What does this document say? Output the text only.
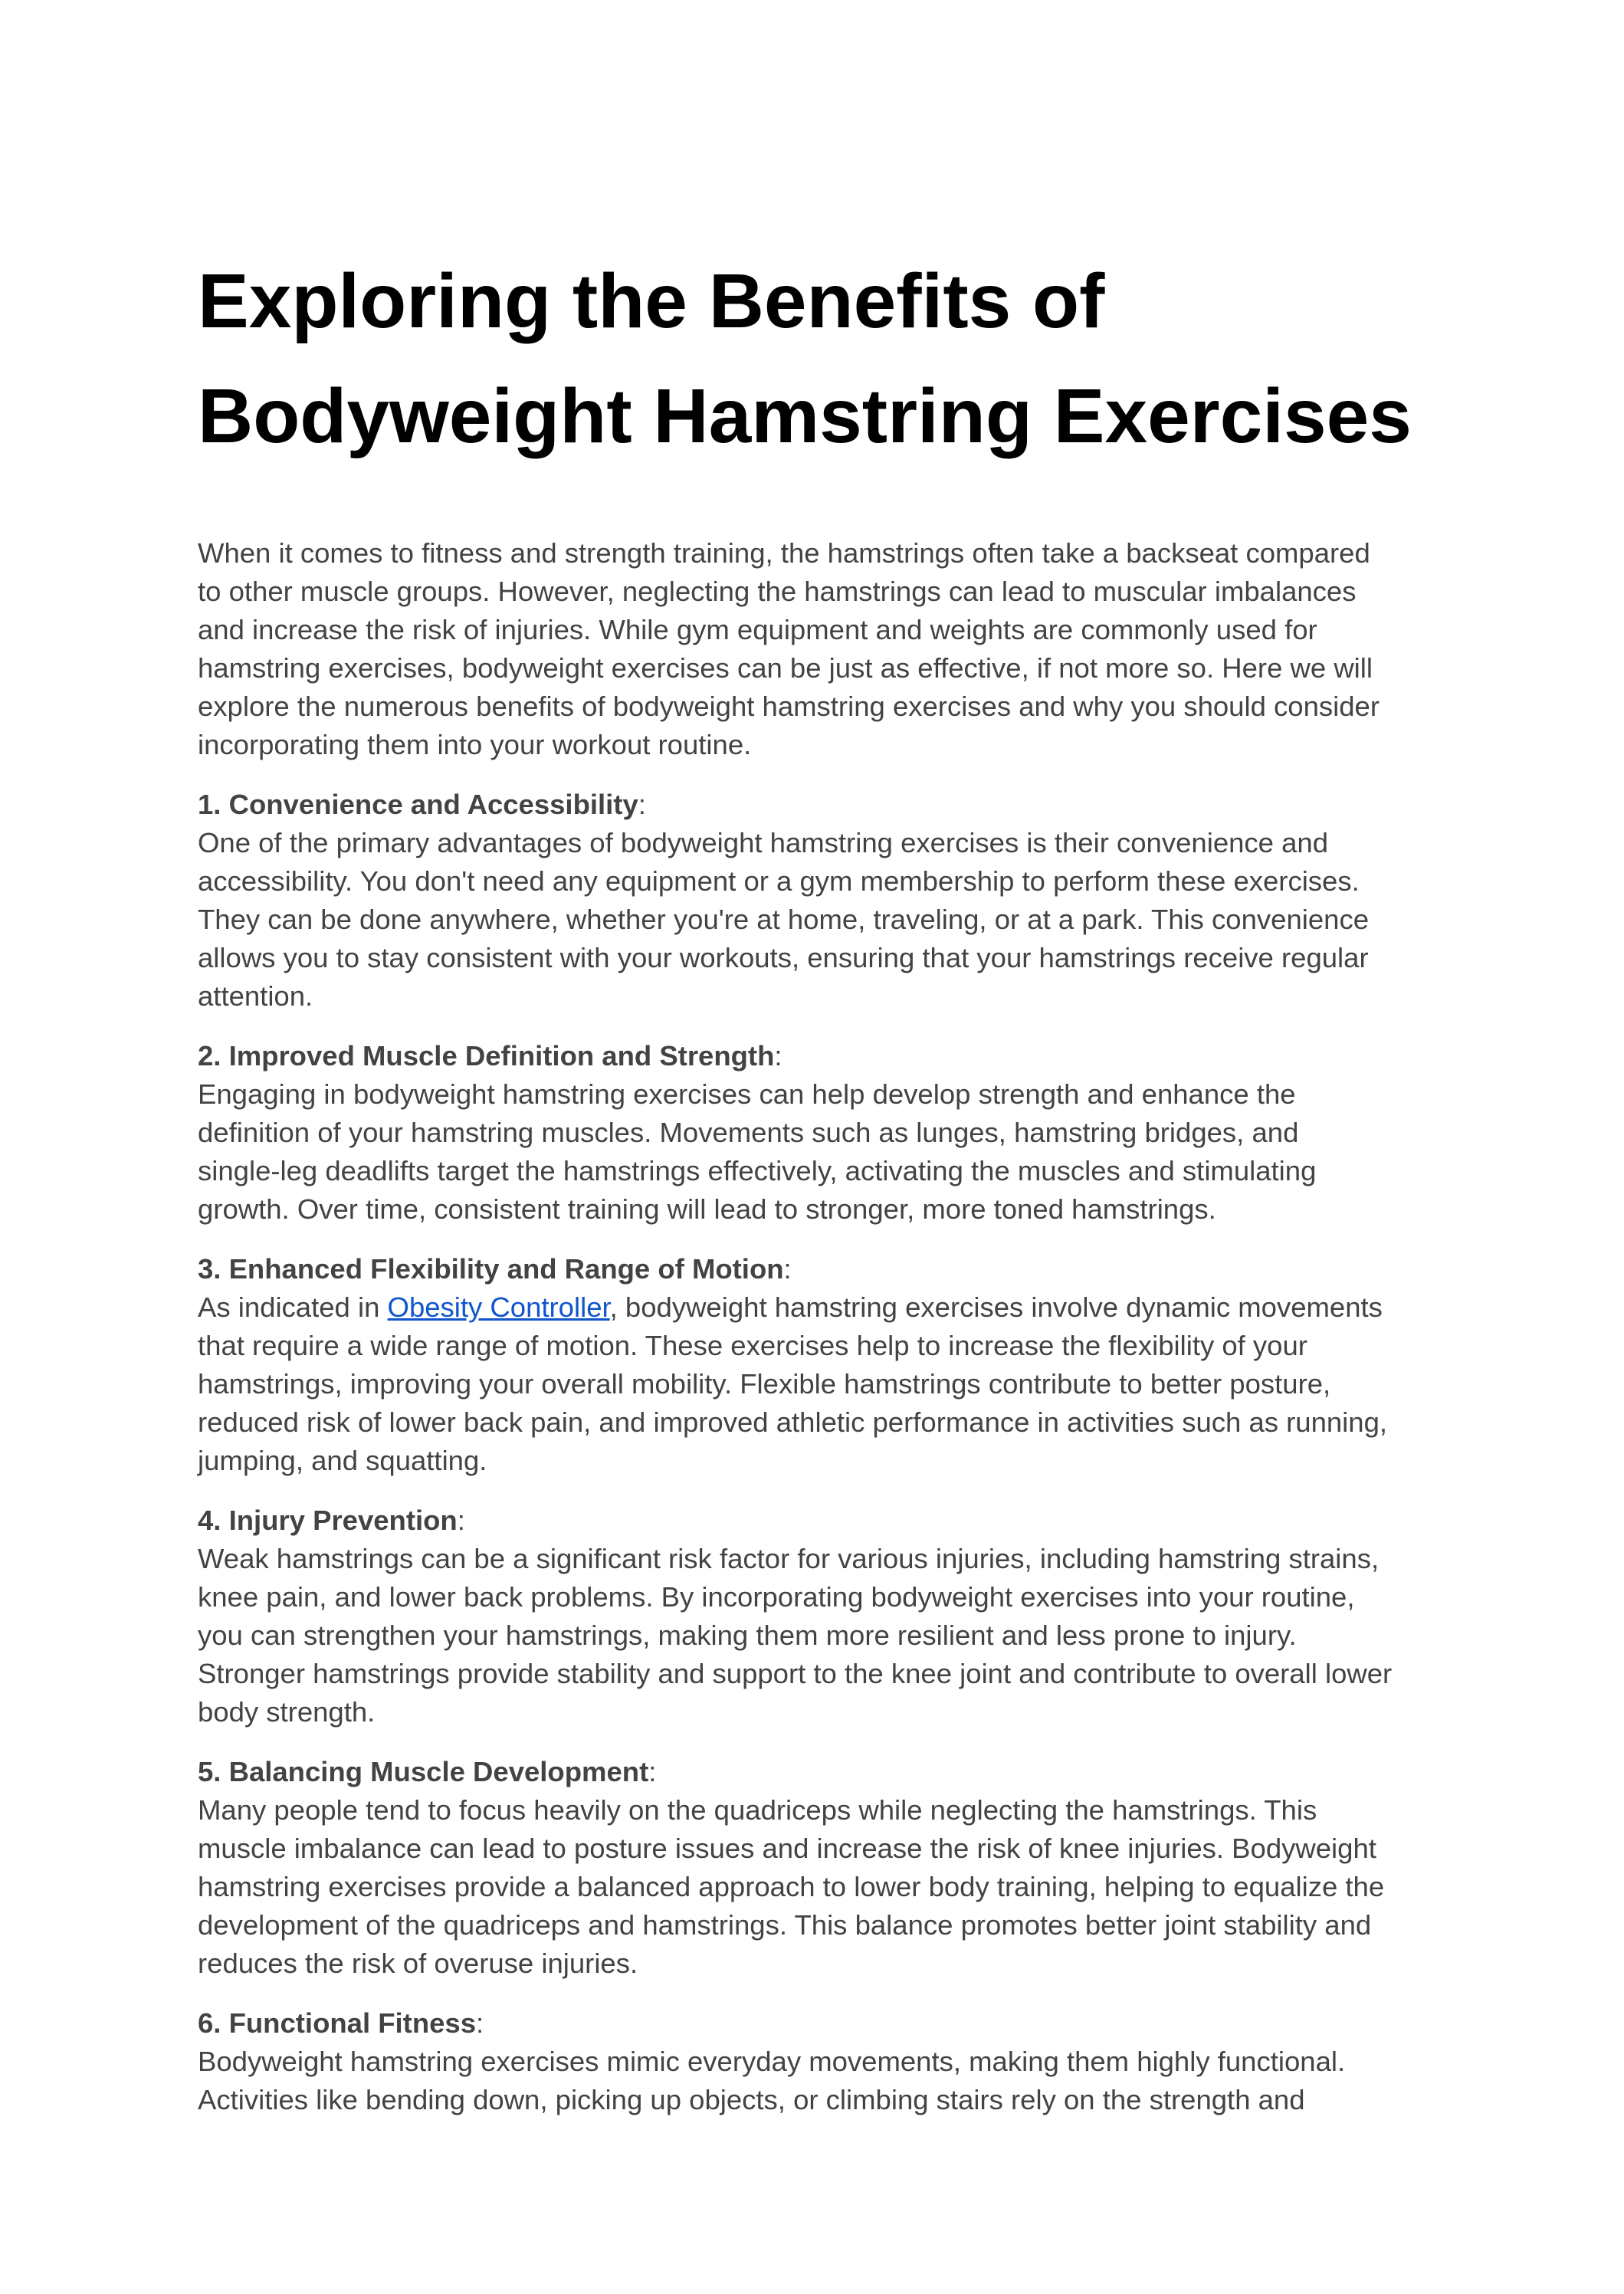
Exploring the Benefits of
Bodyweight Hamstring Exercises

When it comes to fitness and strength training, the hamstrings often take a backseat compared
to other muscle groups. However, neglecting the hamstrings can lead to muscular imbalances
and increase the risk of injuries. While gym equipment and weights are commonly used for
hamstring exercises, bodyweight exercises can be just as effective, if not more so. Here we will
explore the numerous benefits of bodyweight hamstring exercises and why you should consider
incorporating them into your workout routine.

1. Convenience and Accessibility:
One of the primary advantages of bodyweight hamstring exercises is their convenience and
accessibility. You don't need any equipment or a gym membership to perform these exercises.
They can be done anywhere, whether you're at home, traveling, or at a park. This convenience
allows you to stay consistent with your workouts, ensuring that your hamstrings receive regular
attention.

2. Improved Muscle Definition and Strength:
Engaging in bodyweight hamstring exercises can help develop strength and enhance the
definition of your hamstring muscles. Movements such as lunges, hamstring bridges, and
single-leg deadlifts target the hamstrings effectively, activating the muscles and stimulating
growth. Over time, consistent training will lead to stronger, more toned hamstrings.

3. Enhanced Flexibility and Range of Motion:
As indicated in Obesity Controller, bodyweight hamstring exercises involve dynamic movements
that require a wide range of motion. These exercises help to increase the flexibility of your
hamstrings, improving your overall mobility. Flexible hamstrings contribute to better posture,
reduced risk of lower back pain, and improved athletic performance in activities such as running,
jumping, and squatting.

4. Injury Prevention:
Weak hamstrings can be a significant risk factor for various injuries, including hamstring strains,
knee pain, and lower back problems. By incorporating bodyweight exercises into your routine,
you can strengthen your hamstrings, making them more resilient and less prone to injury.
Stronger hamstrings provide stability and support to the knee joint and contribute to overall lower
body strength.

5. Balancing Muscle Development:
Many people tend to focus heavily on the quadriceps while neglecting the hamstrings. This
muscle imbalance can lead to posture issues and increase the risk of knee injuries. Bodyweight
hamstring exercises provide a balanced approach to lower body training, helping to equalize the
development of the quadriceps and hamstrings. This balance promotes better joint stability and
reduces the risk of overuse injuries.

6. Functional Fitness:
Bodyweight hamstring exercises mimic everyday movements, making them highly functional.
Activities like bending down, picking up objects, or climbing stairs rely on the strength and
